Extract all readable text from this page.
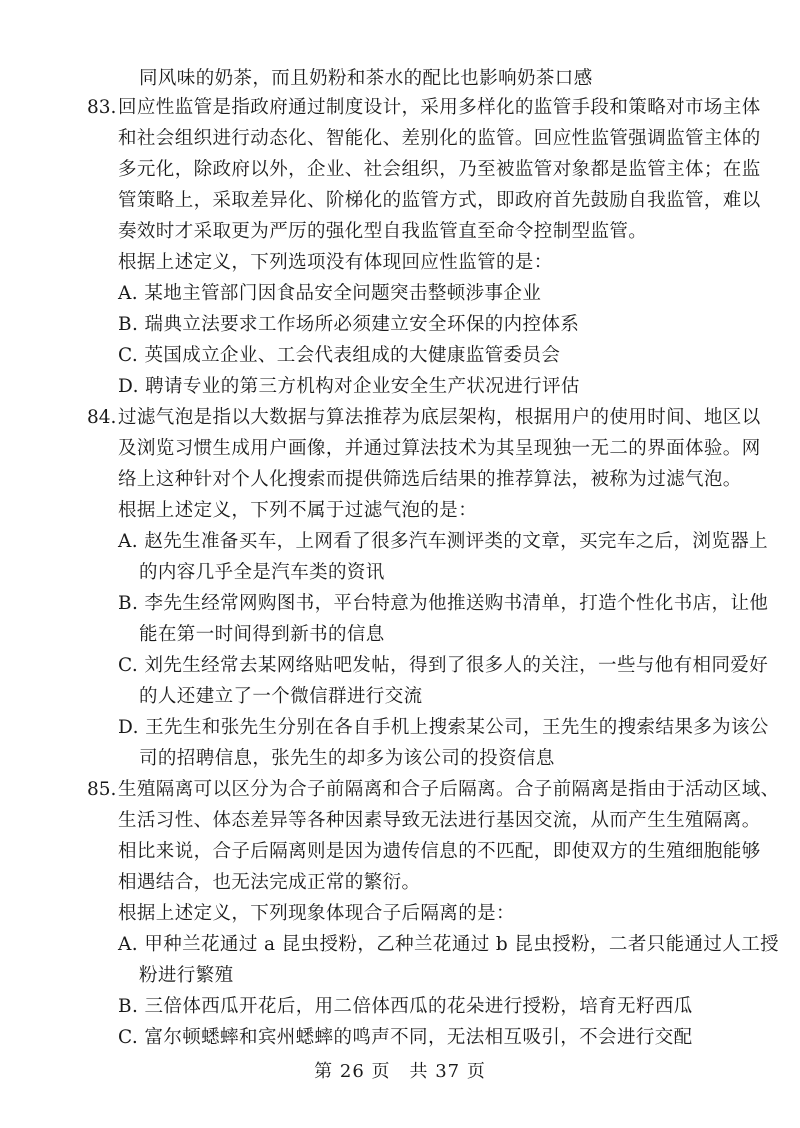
同风味的奶茶，而且奶粉和茶水的配比也影响奶茶口感
83. 回应性监管是指政府通过制度设计，采用多样化的监管手段和策略对市场主体
和社会组织进行动态化、智能化、差别化的监管。回应性监管强调监管主体的
多元化，除政府以外，企业、社会组织，乃至被监管对象都是监管主体；在监
管策略上，采取差异化、阶梯化的监管方式，即政府首先鼓励自我监管，难以
奏效时才采取更为严厉的强化型自我监管直至命令控制型监管。
根据上述定义，下列选项没有体现回应性监管的是：
A. 某地主管部门因食品安全问题突击整顿涉事企业
B. 瑞典立法要求工作场所必须建立安全环保的内控体系
C. 英国成立企业、工会代表组成的大健康监管委员会
D. 聘请专业的第三方机构对企业安全生产状况进行评估
84. 过滤气泡是指以大数据与算法推荐为底层架构，根据用户的使用时间、地区以
及浏览习惯生成用户画像，并通过算法技术为其呈现独一无二的界面体验。网
络上这种针对个人化搜索而提供筛选后结果的推荐算法，被称为过滤气泡。
根据上述定义，下列不属于过滤气泡的是：
A. 赵先生准备买车，上网看了很多汽车测评类的文章，买完车之后，浏览器上
的内容几乎全是汽车类的资讯
B. 李先生经常网购图书，平台特意为他推送购书清单，打造个性化书店，让他
能在第一时间得到新书的信息
C. 刘先生经常去某网络贴吧发帖，得到了很多人的关注，一些与他有相同爱好
的人还建立了一个微信群进行交流
D. 王先生和张先生分别在各自手机上搜索某公司，王先生的搜索结果多为该公
司的招聘信息，张先生的却多为该公司的投资信息
85. 生殖隔离可以区分为合子前隔离和合子后隔离。合子前隔离是指由于活动区域、
生活习性、体态差异等各种因素导致无法进行基因交流，从而产生生殖隔离。
相比来说，合子后隔离则是因为遗传信息的不匹配，即使双方的生殖细胞能够
相遇结合，也无法完成正常的繁衍。
根据上述定义，下列现象体现合子后隔离的是：
A. 甲种兰花通过 a 昆虫授粉，乙种兰花通过 b 昆虫授粉，二者只能通过人工授
粉进行繁殖
B. 三倍体西瓜开花后，用二倍体西瓜的花朵进行授粉，培育无籽西瓜
C. 富尔顿蟋蟀和宾州蟋蟀的鸣声不同，无法相互吸引，不会进行交配
第 26 页　共 37 页
